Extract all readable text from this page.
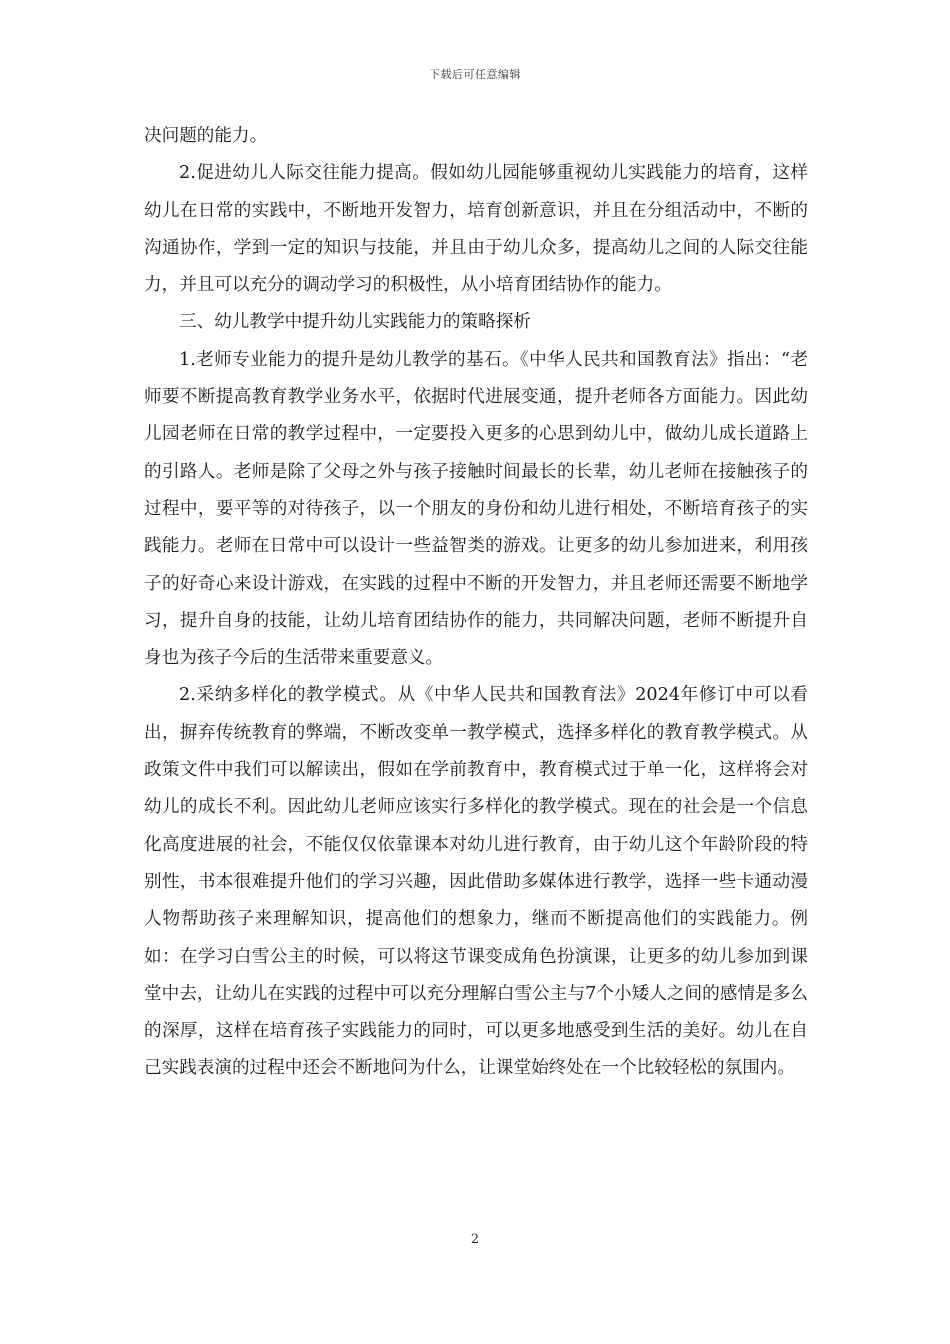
下载后可任意编辑

决问题的能力。

2.促进幼儿人际交往能力提高。假如幼儿园能够重视幼儿实践能力的培育，这样幼儿在日常的实践中，不断地开发智力，培育创新意识，并且在分组活动中，不断的沟通协作，学到一定的知识与技能，并且由于幼儿众多，提高幼儿之间的人际交往能力，并且可以充分的调动学习的积极性，从小培育团结协作的能力。

三、幼儿教学中提升幼儿实践能力的策略探析

1.老师专业能力的提升是幼儿教学的基石。《中华人民共和国教育法》指出：“老师要不断提高教育教学业务水平，依据时代进展变通，提升老师各方面能力。因此幼儿园老师在日常的教学过程中，一定要投入更多的心思到幼儿中，做幼儿成长道路上的引路人。老师是除了父母之外与孩子接触时间最长的长辈，幼儿老师在接触孩子的过程中，要平等的对待孩子，以一个朋友的身份和幼儿进行相处，不断培育孩子的实践能力。老师在日常中可以设计一些益智类的游戏。让更多的幼儿参加进来，利用孩子的好奇心来设计游戏，在实践的过程中不断的开发智力，并且老师还需要不断地学习，提升自身的技能，让幼儿培育团结协作的能力，共同解决问题，老师不断提升自身也为孩子今后的生活带来重要意义。

2.采纳多样化的教学模式。从《中华人民共和国教育法》2024年修订中可以看出，摒弃传统教育的弊端，不断改变单一教学模式，选择多样化的教育教学模式。从政策文件中我们可以解读出，假如在学前教育中，教育模式过于单一化，这样将会对幼儿的成长不利。因此幼儿老师应该实行多样化的教学模式。现在的社会是一个信息化高度进展的社会，不能仅仅依靠课本对幼儿进行教育，由于幼儿这个年龄阶段的特别性，书本很难提升他们的学习兴趣，因此借助多媒体进行教学，选择一些卡通动漫人物帮助孩子来理解知识，提高他们的想象力，继而不断提高他们的实践能力。例如：在学习白雪公主的时候，可以将这节课变成角色扮演课，让更多的幼儿参加到课堂中去，让幼儿在实践的过程中可以充分理解白雪公主与7个小矮人之间的感情是多么的深厚，这样在培育孩子实践能力的同时，可以更多地感受到生活的美好。幼儿在自己实践表演的过程中还会不断地问为什么，让课堂始终处在一个比较轻松的氛围内。

2
